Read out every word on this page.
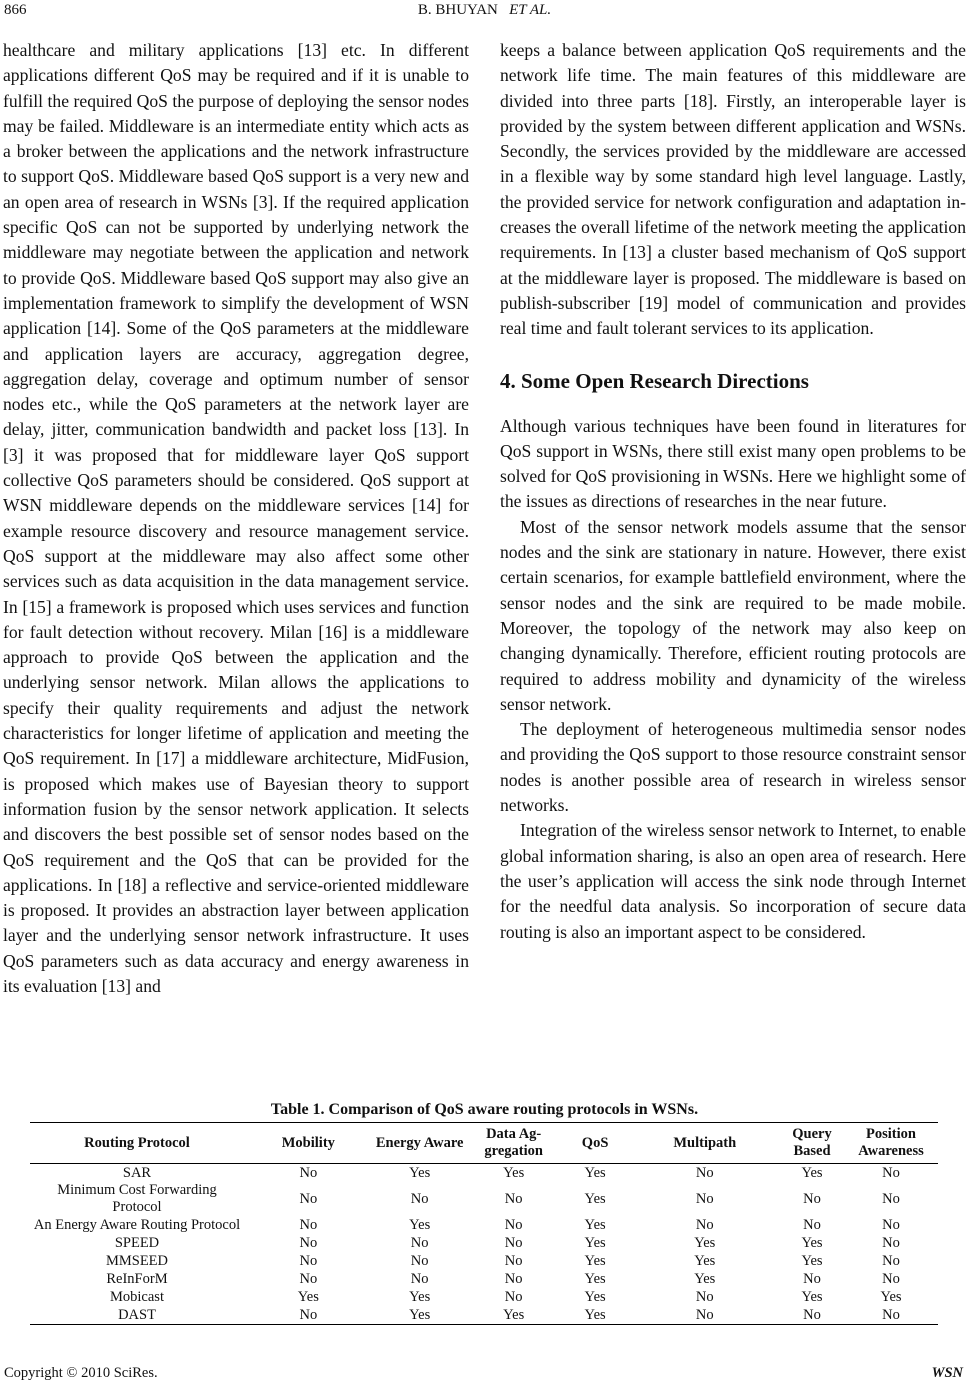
866	B. BHUYAN ET AL.

healthcare and military applications [13] etc. In different applications different QoS may be required and if it is unable to fulfill the required QoS the purpose of deploying the sensor nodes may be failed. Middleware is an intermediate entity which acts as a broker between the applications and the network infrastructure to support QoS. Middleware based QoS support is a very new and an open area of research in WSNs [3]. If the required application specific QoS can not be supported by underlying network the middleware may negotiate between the application and network to provide QoS. Middleware based QoS support may also give an implementation framework to simplify the development of WSN application [14]. Some of the QoS parameters at the middleware and application layers are accuracy, aggregation degree, aggregation delay, coverage and optimum number of sensor nodes etc., while the QoS parameters at the network layer are delay, jitter, communication bandwidth and packet loss [13]. In [3] it was proposed that for middleware layer QoS support collective QoS parameters should be considered. QoS support at WSN middleware depends on the middleware services [14] for example resource discovery and resource management service. QoS support at the middleware may also affect some other services such as data acquisition in the data management service. In [15] a framework is proposed which uses services and function for fault detection without recovery. Milan [16] is a middleware approach to provide QoS between the application and the underlying sensor network. Milan allows the applications to specify their quality requirements and adjust the network characteristics for longer lifetime of application and meeting the QoS requirement. In [17] a middleware architecture, MidFusion, is proposed which makes use of Bayesian theory to support information fusion by the sensor network application. It selects and discovers the best possible set of sensor nodes based on the QoS requirement and the QoS that can be provided for the applications. In [18] a reflective and service-oriented middleware is proposed. It provides an abstraction layer between application layer and the underlying sensor network infrastructure. It uses QoS parameters such as data accuracy and energy awareness in its evaluation [13] and

keeps a balance between application QoS requirements and the network life time. The main features of this middleware are divided into three parts [18]. Firstly, an interoperable layer is provided by the system between different application and WSNs. Secondly, the services provided by the middleware are accessed in a flexible way by some standard high level language. Lastly, the provided service for network configuration and adaptation increases the overall lifetime of the network meeting the application requirements. In [13] a cluster based mechanism of QoS support at the middleware layer is proposed. The middleware is based on publish-subscriber [19] model of communication and provides real time and fault tolerant services to its application.

4. Some Open Research Directions

Although various techniques have been found in literatures for QoS support in WSNs, there still exist many open problems to be solved for QoS provisioning in WSNs. Here we highlight some of the issues as directions of researches in the near future.

Most of the sensor network models assume that the sensor nodes and the sink are stationary in nature. However, there exist certain scenarios, for example battlefield environment, where the sensor nodes and the sink are required to be made mobile. Moreover, the topology of the network may also keep on changing dynamically. Therefore, efficient routing protocols are required to address mobility and dynamicity of the wireless sensor network.

The deployment of heterogeneous multimedia sensor nodes and providing the QoS support to those resource constraint sensor nodes is another possible area of research in wireless sensor networks.

Integration of the wireless sensor network to Internet, to enable global information sharing, is also an open area of research. Here the user’s application will access the sink node through Internet for the needful data analysis. So incorporation of secure data routing is also an important aspect to be considered.

Table 1. Comparison of QoS aware routing protocols in WSNs.
Routing Protocol	Mobility	Energy Aware	Data Ag-gregation	QoS	Multipath	Query Based	Position Awareness
SAR	No	Yes	Yes	Yes	No	Yes	No
Minimum Cost Forwarding Protocol	No	No	No	Yes	No	No	No
An Energy Aware Routing Protocol	No	Yes	No	Yes	No	No	No
SPEED	No	No	No	Yes	Yes	Yes	No
MMSEED	No	No	No	Yes	Yes	Yes	No
ReInForM	No	No	No	Yes	Yes	No	No
Mobicast	Yes	Yes	No	Yes	No	Yes	Yes
DAST	No	Yes	Yes	Yes	No	No	No
Copyright © 2010 SciRes.	WSN
